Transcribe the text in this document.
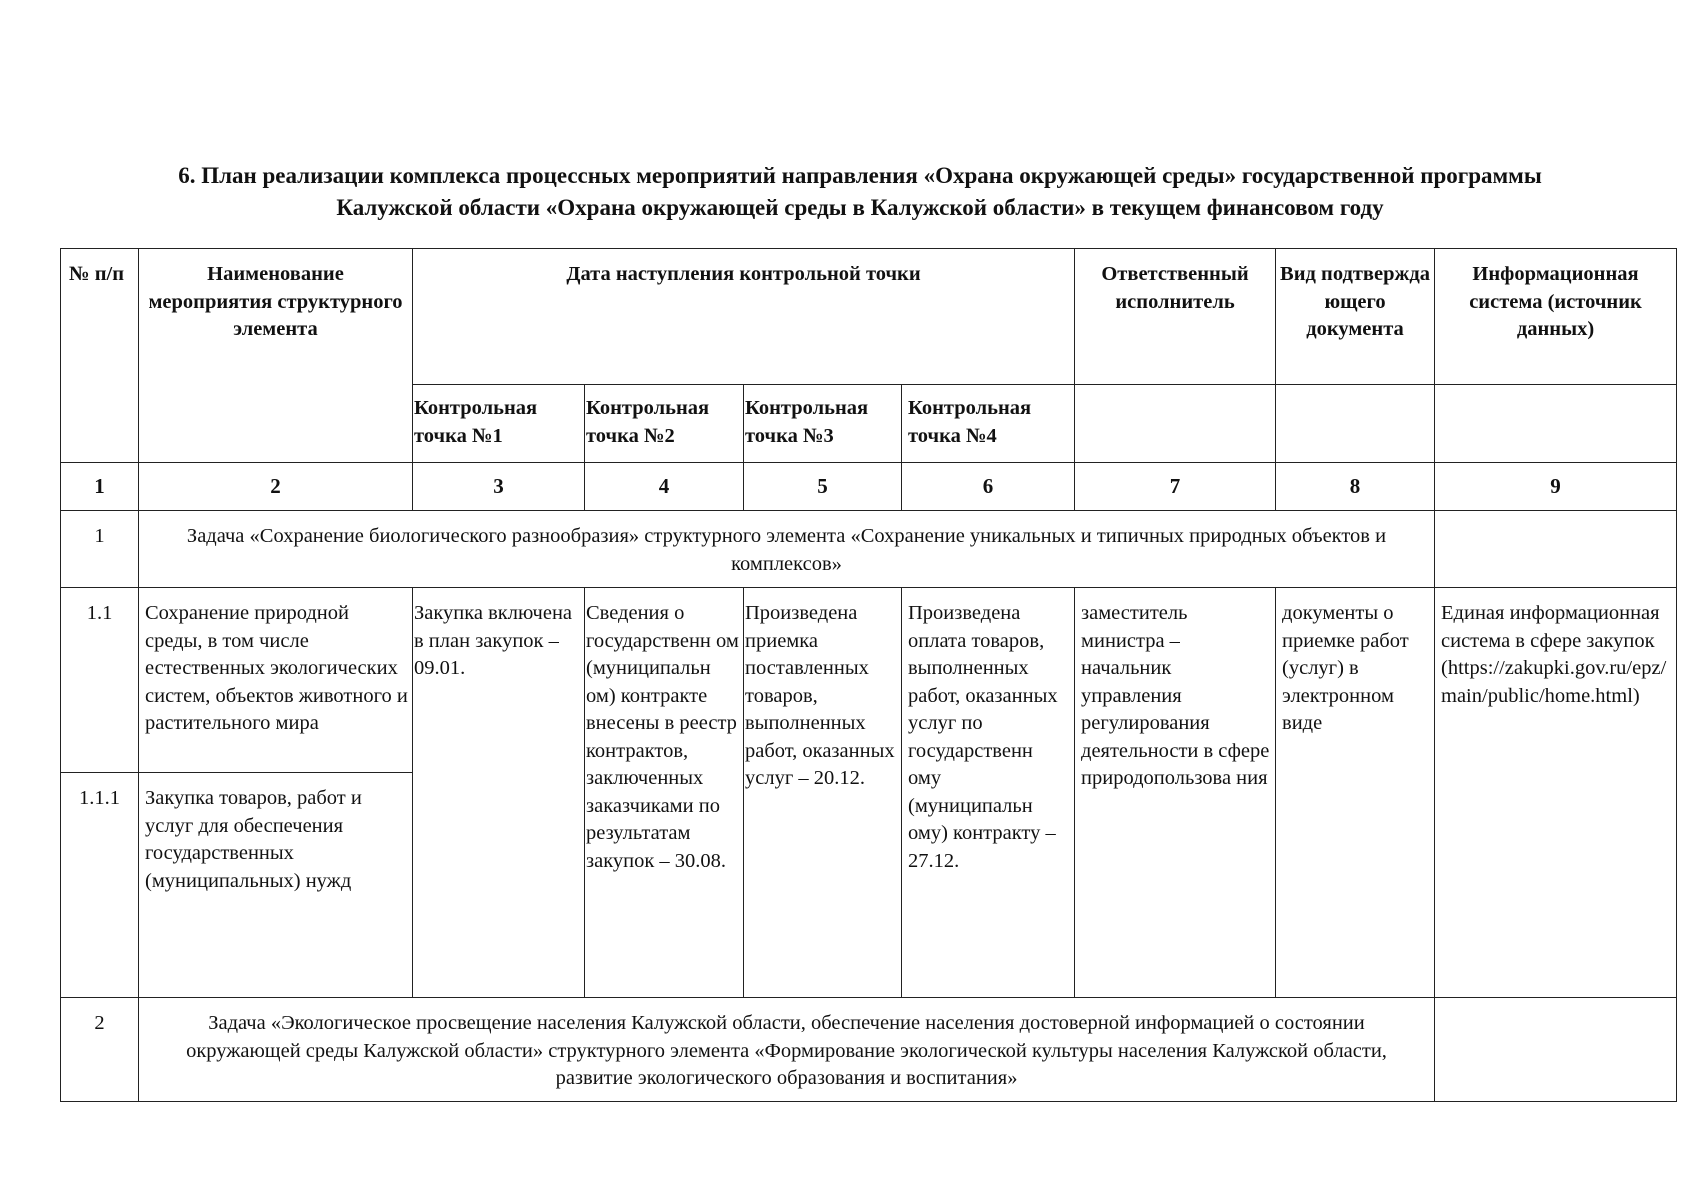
6. План реализации комплекса процессных мероприятий направления «Охрана окружающей среды» государственной программы
Калужской области «Охрана окружающей среды в Калужской области» в текущем финансовом году
№ п/п	Наименование мероприятия структурного элемента	Дата наступления контрольной точки				Ответственный исполнитель	Вид подтвержда ющего документа	Информационная система (источник данных)

		Контрольная точка №1	Контрольная точка №2	Контрольная точка №3	Контрольная точка №4			

1	2	3	4	5	6	7	8	9
1	Задача «Сохранение биологического разнообразия» структурного элемента «Сохранение уникальных и типичных природных объектов и комплексов»							
1.1	Сохранение природной среды, в том числе естественных экологических систем, объектов животного и растительного мира	Закупка включена в план закупок – 09.01.	Сведения о государственн ом (муниципальн ом) контракте внесены в реестр контрактов, заключенных заказчиками по результатам закупок – 30.08.	Произведена приемка поставленных товаров, выполненных работ, оказанных услуг – 20.12.	Произведена оплата товаров, выполненных работ, оказанных услуг по государственн ому (муниципальн ому) контракту – 27.12.	заместитель министра – начальник управления регулирования деятельности в сфере природопользова ния	документы о приемке работ (услуг) в электронном виде	Единая информационная система в сфере закупок (https://zakupki.gov.ru/epz/main/public/home.html)
1.1.1	Закупка товаров, работ и услуг для обеспечения государственных (муниципальных) нужд							
2	Задача «Экологическое просвещение населения Калужской области, обеспечение населения достоверной информацией о состоянии окружающей среды Калужской области» структурного элемента «Формирование экологической культуры населения Калужской области, развитие экологического образования и воспитания»							
